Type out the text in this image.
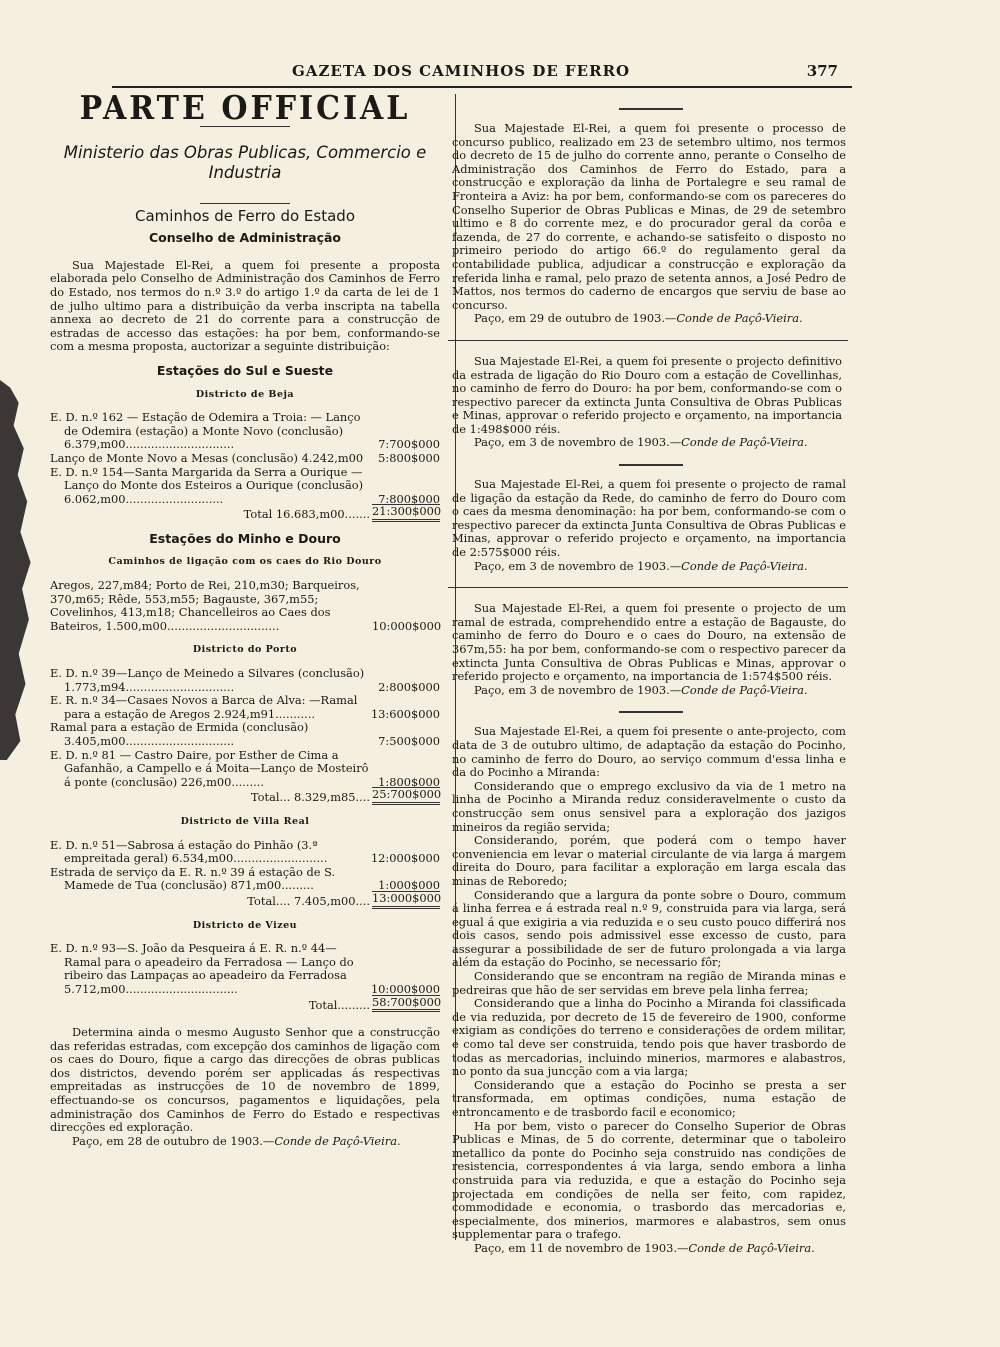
GAZETA DOS CAMINHOS DE FERRO	377
PARTE OFFICIAL
Ministerio das Obras Publicas, Commercio e Industria
Caminhos de Ferro do Estado
Conselho de Administração

Sua Majestade El-Rei, a quem foi presente a proposta elaborada pelo Conselho de Administração dos Caminhos de Ferro do Estado, nos termos do n.º 3.º do artigo 1.º da carta de lei de 1 de julho ultimo para a distribuição da verba inscripta na tabella annexa ao decreto de 21 do corrente para a construcção de estradas de accesso das estações: ha por bem, conformando-se com a mesma proposta, auctorizar a seguinte distribuição:

Estações do Sul e Sueste
Districto de Beja
E. D. n.º 162 — Estação de Odemira a Troia: — Lanço de Odemira (estação) a Monte Novo (conclusão) 6.379,m00..............................	7:700$000
Lanço de Monte Novo a Mesas (conclusão) 4.242,m00	5:800$000
E. D. n.º 154—Santa Margarida da Serra a Ourique — Lanço do Monte dos Esteiros a Ourique (conclusão) 6.062,m00...........................	7:800$000
Total 16.683,m00....... 21:300$000
Estações do Minho e Douro
Caminhos de ligação com os caes do Rio Douro
Aregos, 227,m84; Porto de Rei, 210,m30; Barqueiros, 370,m65; Rêde, 553,m55; Bagauste, 367,m55; Covelinhos, 413,m18; Chancelleiros ao Caes dos Bateiros, 1.500,m00...............................	10:000$000
Districto do Porto
E. D. n.º 39—Lanço de Meinedo a Silvares (conclusão) 1.773,m94..............................	2:800$000
E. R. n.º 34—Casaes Novos a Barca de Alva: —Ramal para a estação de Aregos 2.924,m91...........	13:600$000
Ramal para a estação de Ermida (conclusão) 3.405,m00..............................	7:500$000
E. D. n.º 81 — Castro Daire, por Esther de Cima a Gafanhão, a Campello e á Moita—Lanço de Mosteirô á ponte (conclusão) 226,m00.........	1:800$000
Total... 8.329,m85.... 25:700$000
Districto de Villa Real
E. D. n.º 51—Sabrosa á estação do Pinhão (3.ª empreitada geral) 6.534,m00..........................	12:000$000
Estrada de serviço da E. R. n.º 39 á estação de S. Mamede de Tua (conclusão) 871,m00.........	1:000$000
Total.... 7.405,m00.... 13:000$000
Districto de Vizeu
E. D. n.º 93—S. João da Pesqueira á E. R. n.º 44—Ramal para o apeadeiro da Ferradosa — Lanço do ribeiro das Lampaças ao apeadeiro da Ferradosa 5.712,m00...............................	10:000$000
Total......... 58:700$000

Determina ainda o mesmo Augusto Senhor que a construcção das referidas estradas, com excepção dos caminhos de ligação com os caes do Douro, fique a cargo das direcções de obras publicas dos districtos, devendo porém ser applicadas ás respectivas empreitadas as instrucções de 10 de novembro de 1899, effectuando-se os concursos, pagamentos e liquidações, pela administração dos Caminhos de Ferro do Estado e respectivas direcções ed exploração.

Paço, em 28 de outubro de 1903.—Conde de Paçô-Vieira.

Sua Majestade El-Rei, a quem foi presente o processo de concurso publico, realizado em 23 de setembro ultimo, nos termos do decreto de 15 de julho do corrente anno, perante o Conselho de Administração dos Caminhos de Ferro do Estado, para a construcção e exploração da linha de Portalegre e seu ramal de Fronteira a Aviz: ha por bem, conformando-se com os pareceres do Conselho Superior de Obras Publicas e Minas, de 29 de setembro ultimo e 8 do corrente mez, e do procurador geral da corôa e fazenda, de 27 do corrente, e achando-se satisfeito o disposto no primeiro periodo do artigo 66.º do regulamento geral da contabilidade publica, adjudicar a construcção e exploração da referida linha e ramal, pelo prazo de setenta annos, a José Pedro de Mattos, nos termos do caderno de encargos que serviu de base ao concurso.

Paço, em 29 de outubro de 1903.—Conde de Paçô-Vieira.

Sua Majestade El-Rei, a quem foi presente o projecto definitivo da estrada de ligação do Rio Douro com a estação de Covellinhas, no caminho de ferro do Douro: ha por bem, conformando-se com o respectivo parecer da extincta Junta Consultiva de Obras Publicas e Minas, approvar o referido projecto e orçamento, na importancia de 1:498$000 réis.

Paço, em 3 de novembro de 1903.—Conde de Paçô-Vieira.

Sua Majestade El-Rei, a quem foi presente o projecto de ramal de ligação da estação da Rede, do caminho de ferro do Douro com o caes da mesma denominação: ha por bem, conformando-se com o respectivo parecer da extincta Junta Consultiva de Obras Publicas e Minas, approvar o referido projecto e orçamento, na importancia de 2:575$000 réis.

Paço, em 3 de novembro de 1903.—Conde de Paçô-Vieira.

Sua Majestade El-Rei, a quem foi presente o projecto de um ramal de estrada, comprehendido entre a estação de Bagauste, do caminho de ferro do Douro e o caes do Douro, na extensão de 367m,55: ha por bem, conformando-se com o respectivo parecer da extincta Junta Consultiva de Obras Publicas e Minas, approvar o referido projecto e orçamento, na importancia de 1:574$500 réis.

Paço, em 3 de novembro de 1903.—Conde de Paçô-Vieira.

Sua Majestade El-Rei, a quem foi presente o ante-projecto, com data de 3 de outubro ultimo, de adaptação da estação do Pocinho, no caminho de ferro do Douro, ao serviço commum d'essa linha e da do Pocinho a Miranda:

Considerando que o emprego exclusivo da via de 1 metro na linha de Pocinho a Miranda reduz consideravelmente o custo da construcção sem onus sensivel para a exploração dos jazigos mineiros da região servida;

Considerando, porém, que poderá com o tempo haver conveniencia em levar o material circulante de via larga á margem direita do Douro, para facilitar a exploração em larga escala das minas de Reboredo;

Considerando que a largura da ponte sobre o Douro, commum á linha ferrea e á estrada real n.º 9, construida para via larga, será egual á que exigiria a via reduzida e o seu custo pouco differirá nos dois casos, sendo pois admissivel esse excesso de custo, para assegurar a possibilidade de ser de futuro prolongada a via larga além da estação do Pocinho, se necessario fôr;

Considerando que se encontram na região de Miranda minas e pedreiras que hão de ser servidas em breve pela linha ferrea;

Considerando que a linha do Pocinho a Miranda foi classificada de via reduzida, por decreto de 15 de fevereiro de 1900, conforme exigiam as condições do terreno e considerações de ordem militar, e como tal deve ser construida, tendo pois que haver trasbordo de todas as mercadorias, incluindo minerios, marmores e alabastros, no ponto da sua juncção com a via larga;

Considerando que a estação do Pocinho se presta a ser transformada, em optimas condições, numa estação de entroncamento e de trasbordo facil e economico;

Ha por bem, visto o parecer do Conselho Superior de Obras Publicas e Minas, de 5 do corrente, determinar que o taboleiro metallico da ponte do Pocinho seja construido nas condições de resistencia, correspondentes á via larga, sendo embora a linha construida para via reduzida, e que a estação do Pocinho seja projectada em condições de nella ser feito, com rapidez, commodidade e economia, o trasbordo das mercadorias e, especialmente, dos minerios, marmores e alabastros, sem onus supplementar para o trafego.

Paço, em 11 de novembro de 1903.—Conde de Paçô-Vieira.
